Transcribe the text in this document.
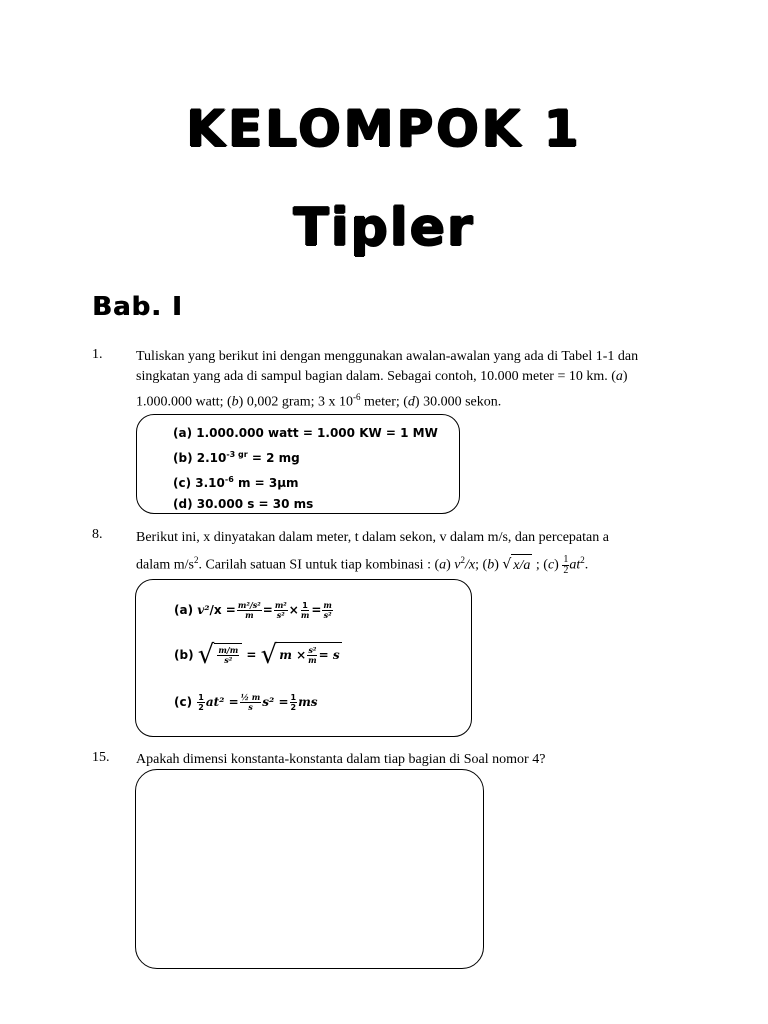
KELOMPOK 1
Tipler
Bab. I
1. Tuliskan yang berikut ini dengan menggunakan awalan-awalan yang ada di Tabel 1-1 dan
singkatan yang ada di sampul bagian dalam. Sebagai contoh, 10.000 meter = 10 km. (a)
1.000.000 watt; (b) 0,002 gram; 3 x $10^{-6}$ meter; (d) 30.000 sekon.
(a) 1.000.000 watt = 1.000 KW = 1 MW
(b) $2.10^{-3 gr} = 2$ mg
(c) $3.10^{-6}$ m = 3μm
(d) 30.000 s = 30 ms
8. Berikut ini, x dinyatakan dalam meter, t dalam sekon, v dalam m/s, dan percepatan a
dalam $m/s^2$. Carilah satuan SI untuk tiap kombinasi : (a) $v^2/x$; (b) √ x/a ; $(c) \frac{1}{2} at^2$.
(a)
v² $/x = \frac{\text{m²/s²}}{m} = \frac{\text{m²}}{\text{s²}} \times \frac{1}{m} = \frac{m}{\text{s²}}$
(b)
√ $\frac{m/m}{\text{s²}}$ = √ $m \times \frac{\text{s²}}{m} = s$
(c)
$\frac{1}{2} at^2 = \frac{\text{½ m}}{s} s^2 = \frac{1}{2}$ ms
15. Apakah dimensi konstanta-konstanta dalam tiap bagian di Soal nomor 4?
